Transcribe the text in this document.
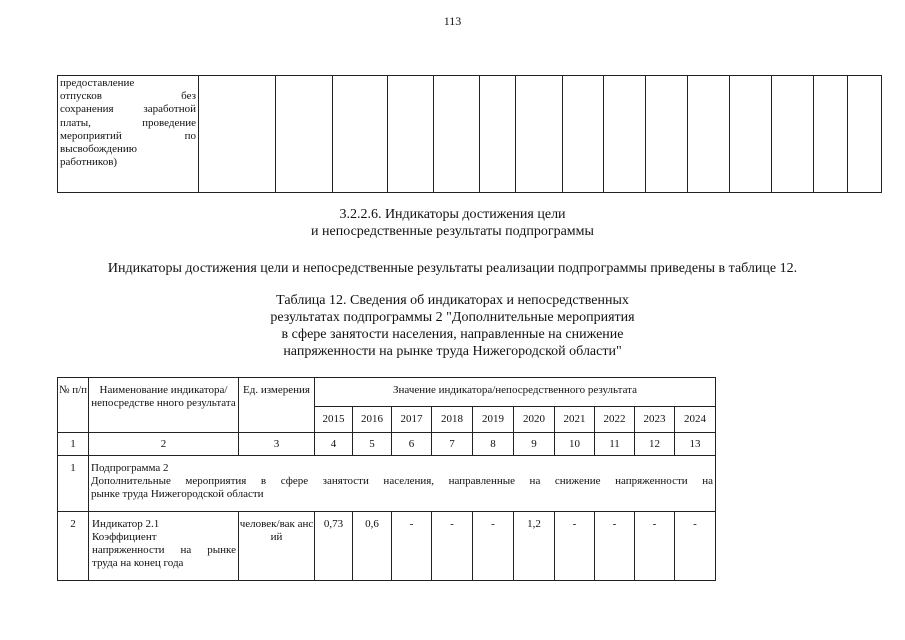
113
предоставление
отпусков без
сохранения заработной
платы, проведение
мероприятий по
высвобождению
работников)

3.2.2.6. Индикаторы достижения цели
и непосредственные результаты подпрограммы
Индикаторы достижения цели и непосредственные результаты реализации подпрограммы приведены в таблице 12.
Таблица 12. Сведения об индикаторах и непосредственных
результатах подпрограммы 2 "Дополнительные мероприятия
в сфере занятости населения, направленные на снижение
напряженности на рынке труда Нижегородской области"
№ п/п	Наименование индикатора/непосредстве нного результата	Ед. измерения	Значение индикатора/непосредственного результата									
			2015	2016	2017	2018	2019	2020	2021	2022	2023	2024
1	2	3	4	5	6	7	8	9	10	11	12	13
1	Подпрограмма 2
Дополнительные мероприятия в сфере занятости населения, направленные на снижение напряженности на
рынке труда Нижегородской области											

2	Индикатор 2.1
Коэффициент
напряженности на рынке
труда на конец года	человек/вак ансий	0,73	0,6	-	-	-	1,2	-	-	-	-
